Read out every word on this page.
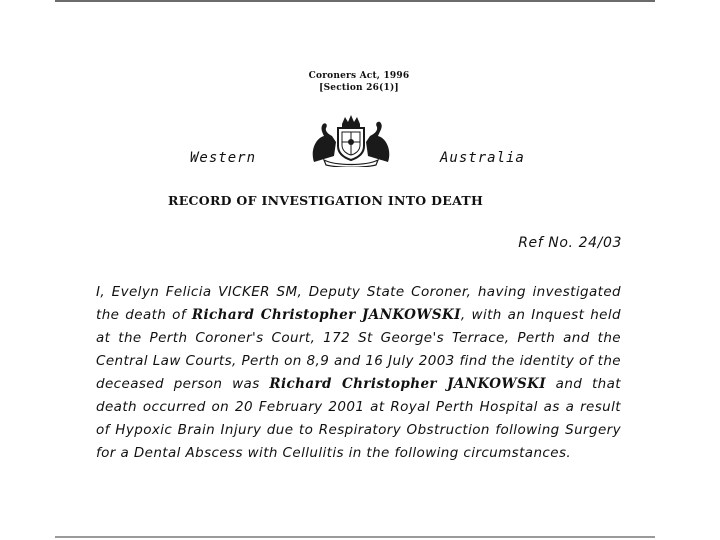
Coroners Act, 1996
[Section 26(1)]
Western	Australia
RECORD OF INVESTIGATION INTO DEATH
Ref No. 24/03

I, Evelyn Felicia VICKER SM, Deputy State Coroner, having investigated the death of Richard Christopher JANKOWSKI, with an Inquest held at the Perth Coroner's Court, 172 St George's Terrace, Perth and the Central Law Courts, Perth on 8,9 and 16 July 2003 find the identity of the deceased person was Richard Christopher JANKOWSKI and that death occurred on 20 February 2001 at Royal Perth Hospital as a result of Hypoxic Brain Injury due to Respiratory Obstruction following Surgery for a Dental Abscess with Cellulitis in the following circumstances.
